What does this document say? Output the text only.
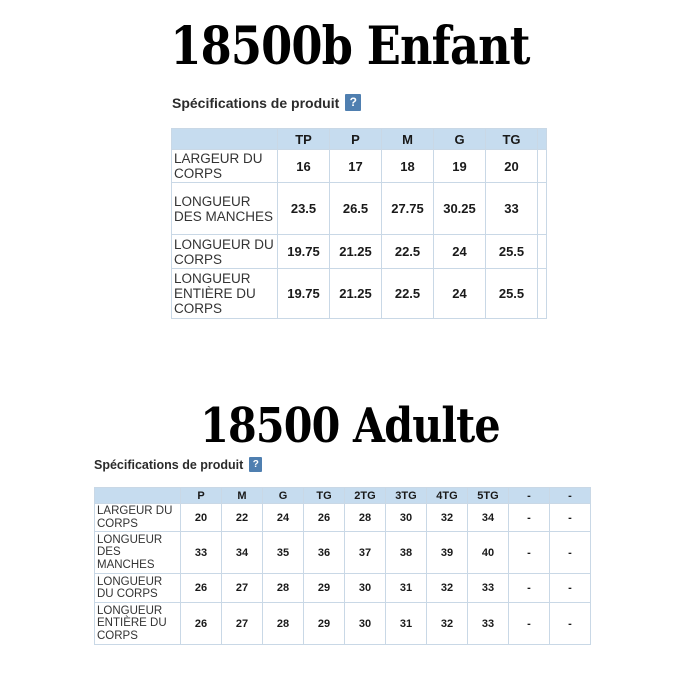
18500b Enfant
Spécifications de produit ?
	TP	P	M	G	TG	
LARGEUR DU CORPS	16	17	18	19	20	
LONGUEUR DES MANCHES	23.5	26.5	27.75	30.25	33	
LONGUEUR DU CORPS	19.75	21.25	22.5	24	25.5	
LONGUEUR ENTIÈRE DU CORPS	19.75	21.25	22.5	24	25.5	
18500 Adulte
Spécifications de produit ?
	P	M	G	TG	2TG	3TG	4TG	5TG	-	-
LARGEUR DU CORPS	20	22	24	26	28	30	32	34	-	-
LONGUEUR DES MANCHES	33	34	35	36	37	38	39	40	-	-
LONGUEUR DU CORPS	26	27	28	29	30	31	32	33	-	-
LONGUEUR ENTIÈRE DU CORPS	26	27	28	29	30	31	32	33	-	-
